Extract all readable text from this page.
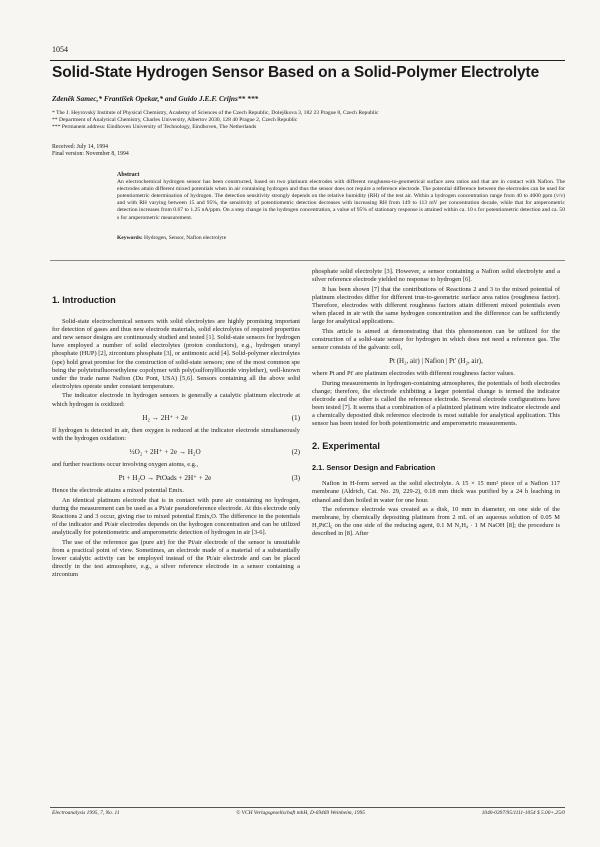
1054
Solid-State Hydrogen Sensor Based on a Solid-Polymer Electrolyte
Zdeněk Samec,* František Opekar,* and Guido J.E.F. Crijns** ***
* The J. Heyrovský Institute of Physical Chemistry, Academy of Sciences of the Czech Republic, Dolejškova 3, 182 23 Prague 8, Czech Republic
** Department of Analytical Chemistry, Charles University, Albertov 2030, 128 40 Prague 2, Czech Republic
*** Permanent address: Eindhoven University of Technology, Eindhoven, The Netherlands
Received: July 14, 1994
Final version: November 8, 1994
Abstract

An electrochemical hydrogen sensor has been constructed, based on two platinum electrodes with different roughness-to-geometrical surface area ratios and that are in contact with Nafion. The electrodes attain different mixed potentials when in air containing hydrogen and thus the sensor does not require a reference electrode. The potential difference between the electrodes can be used for potentiometric determination of hydrogen. The detection sensitivity strongly depends on the relative humidity (RH) of the test air. Within a hydrogen concentration range from 40 to 4000 ppm (v/v) and with RH varying between 15 and 95%, the sensitivity of potentiometric detection decreases with increasing RH from 149 to 113 mV per concentration decade, while that for amperometric detection increases from 0.67 to 1.25 nA/ppm. On a step change in the hydrogen concentration, a value of 95% of stationary response is attained within ca. 10 s for potentiometric detection and ca. 50 s for amperometric measurement.

Keywords: Hydrogen, Sensor, Nafion electrolyte
1. Introduction

Solid-state electrochemical sensors with solid electrolytes are highly promising important for detection of gases and thus new electrode materials, solid electrolytes of required properties and new sensor designs are continuously studied and tested [1]. Solid-state sensors for hydrogen have employed a number of solid electrolytes (proton conductors), e.g., hydrogen uranyl phosphate (HUP) [2], zirconium phosphate [3], or antimonic acid [4]. Solid-polymer electrolytes (spe) hold great promise for the construction of solid-state sensors; one of the most common spe being the polytetrafluoroethylene copolymer with poly(sulfonylfluoride vinylether), well-known under the trade name Nafion (Du Pont, USA) [5,6]. Sensors containing all the above solid electrolytes operate under constant temperature.

The indicator electrode in hydrogen sensors is generally a catalytic platinum electrode at which hydrogen is oxidized:

H₂ → 2H⁺ + 2e	(1)

If hydrogen is detected in air, then oxygen is reduced at the indicator electrode simultaneously with the hydrogen oxidation:

½O₂ + 2H⁺ + 2e → H₂O	(2)

and further reactions occur involving oxygen atoms, e.g.,

Pt + H₂O → PtOads + 2H⁺ + 2e	(3)

Hence the electrode attains a mixed potential Emix.

An identical platinum electrode that is in contact with pure air containing no hydrogen, during the measurement can be used as a Pt/air pseudoreference electrode. At this electrode only Reactions 2 and 3 occur, giving rise to mixed potential Emix,O. The difference in the potentials of the indicator and Pt/air electrodes depends on the hydrogen concentration and can be utilized analytically for potentiometric and amperometric detection of hydrogen in air [3-6].

The use of the reference gas (pure air) for the Pt/air electrode of the sensor is unsuitable from a practical point of view. Sometimes, an electrode made of a material of a substantially lower catalytic activity can be employed instead of the Pt/air electrode and can be placed directly in the test atmosphere, e.g., a silver reference electrode in a sensor containing a zirconium

phosphate solid electrolyte [3]. However, a sensor containing a Nafion solid electrolyte and a silver reference electrode yielded no response to hydrogen [6].

It has been shown [7] that the contributions of Reactions 2 and 3 to the mixed potential of platinum electrodes differ for different true-to-geometric surface area ratios (roughness factor). Therefore, electrodes with different roughness factors attain different mixed potentials even when placed in air with the same hydrogen concentration and the difference can be sufficiently large for analytical applications.

This article is aimed at demonstrating that this phenomenon can be utilized for the construction of a solid-state sensor for hydrogen in which does not need a reference gas. The sensor consists of the galvanic cell,

Pt (H₂, air) | Nafion | Pt′ (H₂, air),

where Pt and Pt′ are platinum electrodes with different roughness factor values.

During measurements in hydrogen-containing atmospheres, the potentials of both electrodes change; therefore, the electrode exhibiting a larger potential change is termed the indicator electrode and the other is called the reference electrode. Several electrode configurations have been tested [7]. It seems that a combination of a platinized platinum wire indicator electrode and a chemically deposited disk reference electrode is most suitable for analytical application. This sensor has been tested for both potentiometric and amperometric measurements.

2. Experimental
2.1. Sensor Design and Fabrication

Nafion in H-form served as the solid electrolyte. A 15 × 15 mm² piece of a Nafion 117 membrane (Aldrich, Cat. No. 29, 229-2), 0.18 mm thick was purified by a 24 h leaching in ethanol and then boiled in water for one hour.

The reference electrode was created as a disk, 10 mm in diameter, on one side of the membrane, by chemically depositing platinum from 2 mL of an aqueous solution of 0.05 M H₂PtCl₆ on the one side of the reducing agent, 0.1 M N₂H₄ · 1 M NaOH [8]; the procedure is described in [8]. After

Electroanalysis 1995, 7, No. 11	© VCH Verlagsgesellschaft mbH, D-69469 Weinheim, 1995	1040-0397/95/1111-1054 $ 5.00+.25/0
